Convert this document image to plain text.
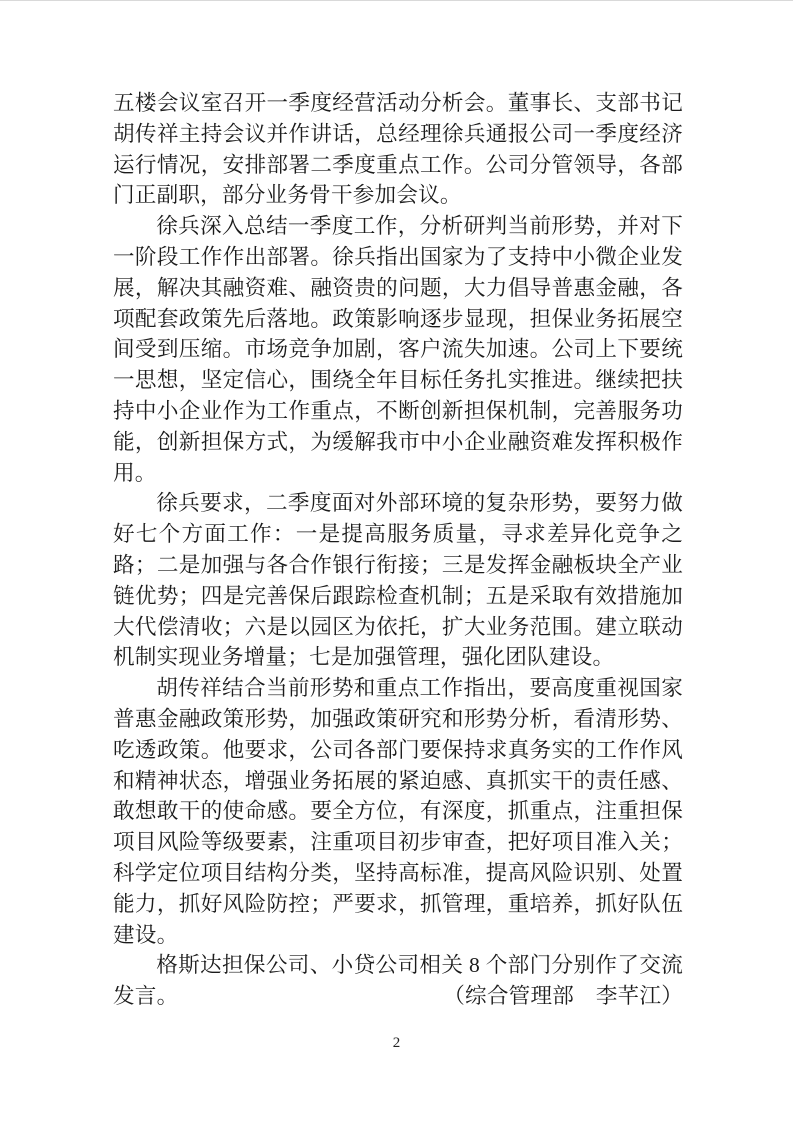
五楼会议室召开一季度经营活动分析会。董事长、支部书记胡传祥主持会议并作讲话，总经理徐兵通报公司一季度经济运行情况，安排部署二季度重点工作。公司分管领导，各部门正副职，部分业务骨干参加会议。

徐兵深入总结一季度工作，分析研判当前形势，并对下一阶段工作作出部署。徐兵指出国家为了支持中小微企业发展，解决其融资难、融资贵的问题，大力倡导普惠金融，各项配套政策先后落地。政策影响逐步显现，担保业务拓展空间受到压缩。市场竞争加剧，客户流失加速。公司上下要统一思想，坚定信心，围绕全年目标任务扎实推进。继续把扶持中小企业作为工作重点，不断创新担保机制，完善服务功能，创新担保方式，为缓解我市中小企业融资难发挥积极作用。

徐兵要求，二季度面对外部环境的复杂形势，要努力做好七个方面工作：一是提高服务质量，寻求差异化竞争之路；二是加强与各合作银行衔接；三是发挥金融板块全产业链优势；四是完善保后跟踪检查机制；五是采取有效措施加大代偿清收；六是以园区为依托，扩大业务范围。建立联动机制实现业务增量；七是加强管理，强化团队建设。

胡传祥结合当前形势和重点工作指出，要高度重视国家普惠金融政策形势，加强政策研究和形势分析，看清形势、吃透政策。他要求，公司各部门要保持求真务实的工作作风和精神状态，增强业务拓展的紧迫感、真抓实干的责任感、敢想敢干的使命感。要全方位，有深度，抓重点，注重担保项目风险等级要素，注重项目初步审查，把好项目准入关；科学定位项目结构分类，坚持高标准，提高风险识别、处置能力，抓好风险防控；严要求，抓管理，重培养，抓好队伍建设。

格斯达担保公司、小贷公司相关 8 个部门分别作了交流发言。	（综合管理部　李芊江）

2
